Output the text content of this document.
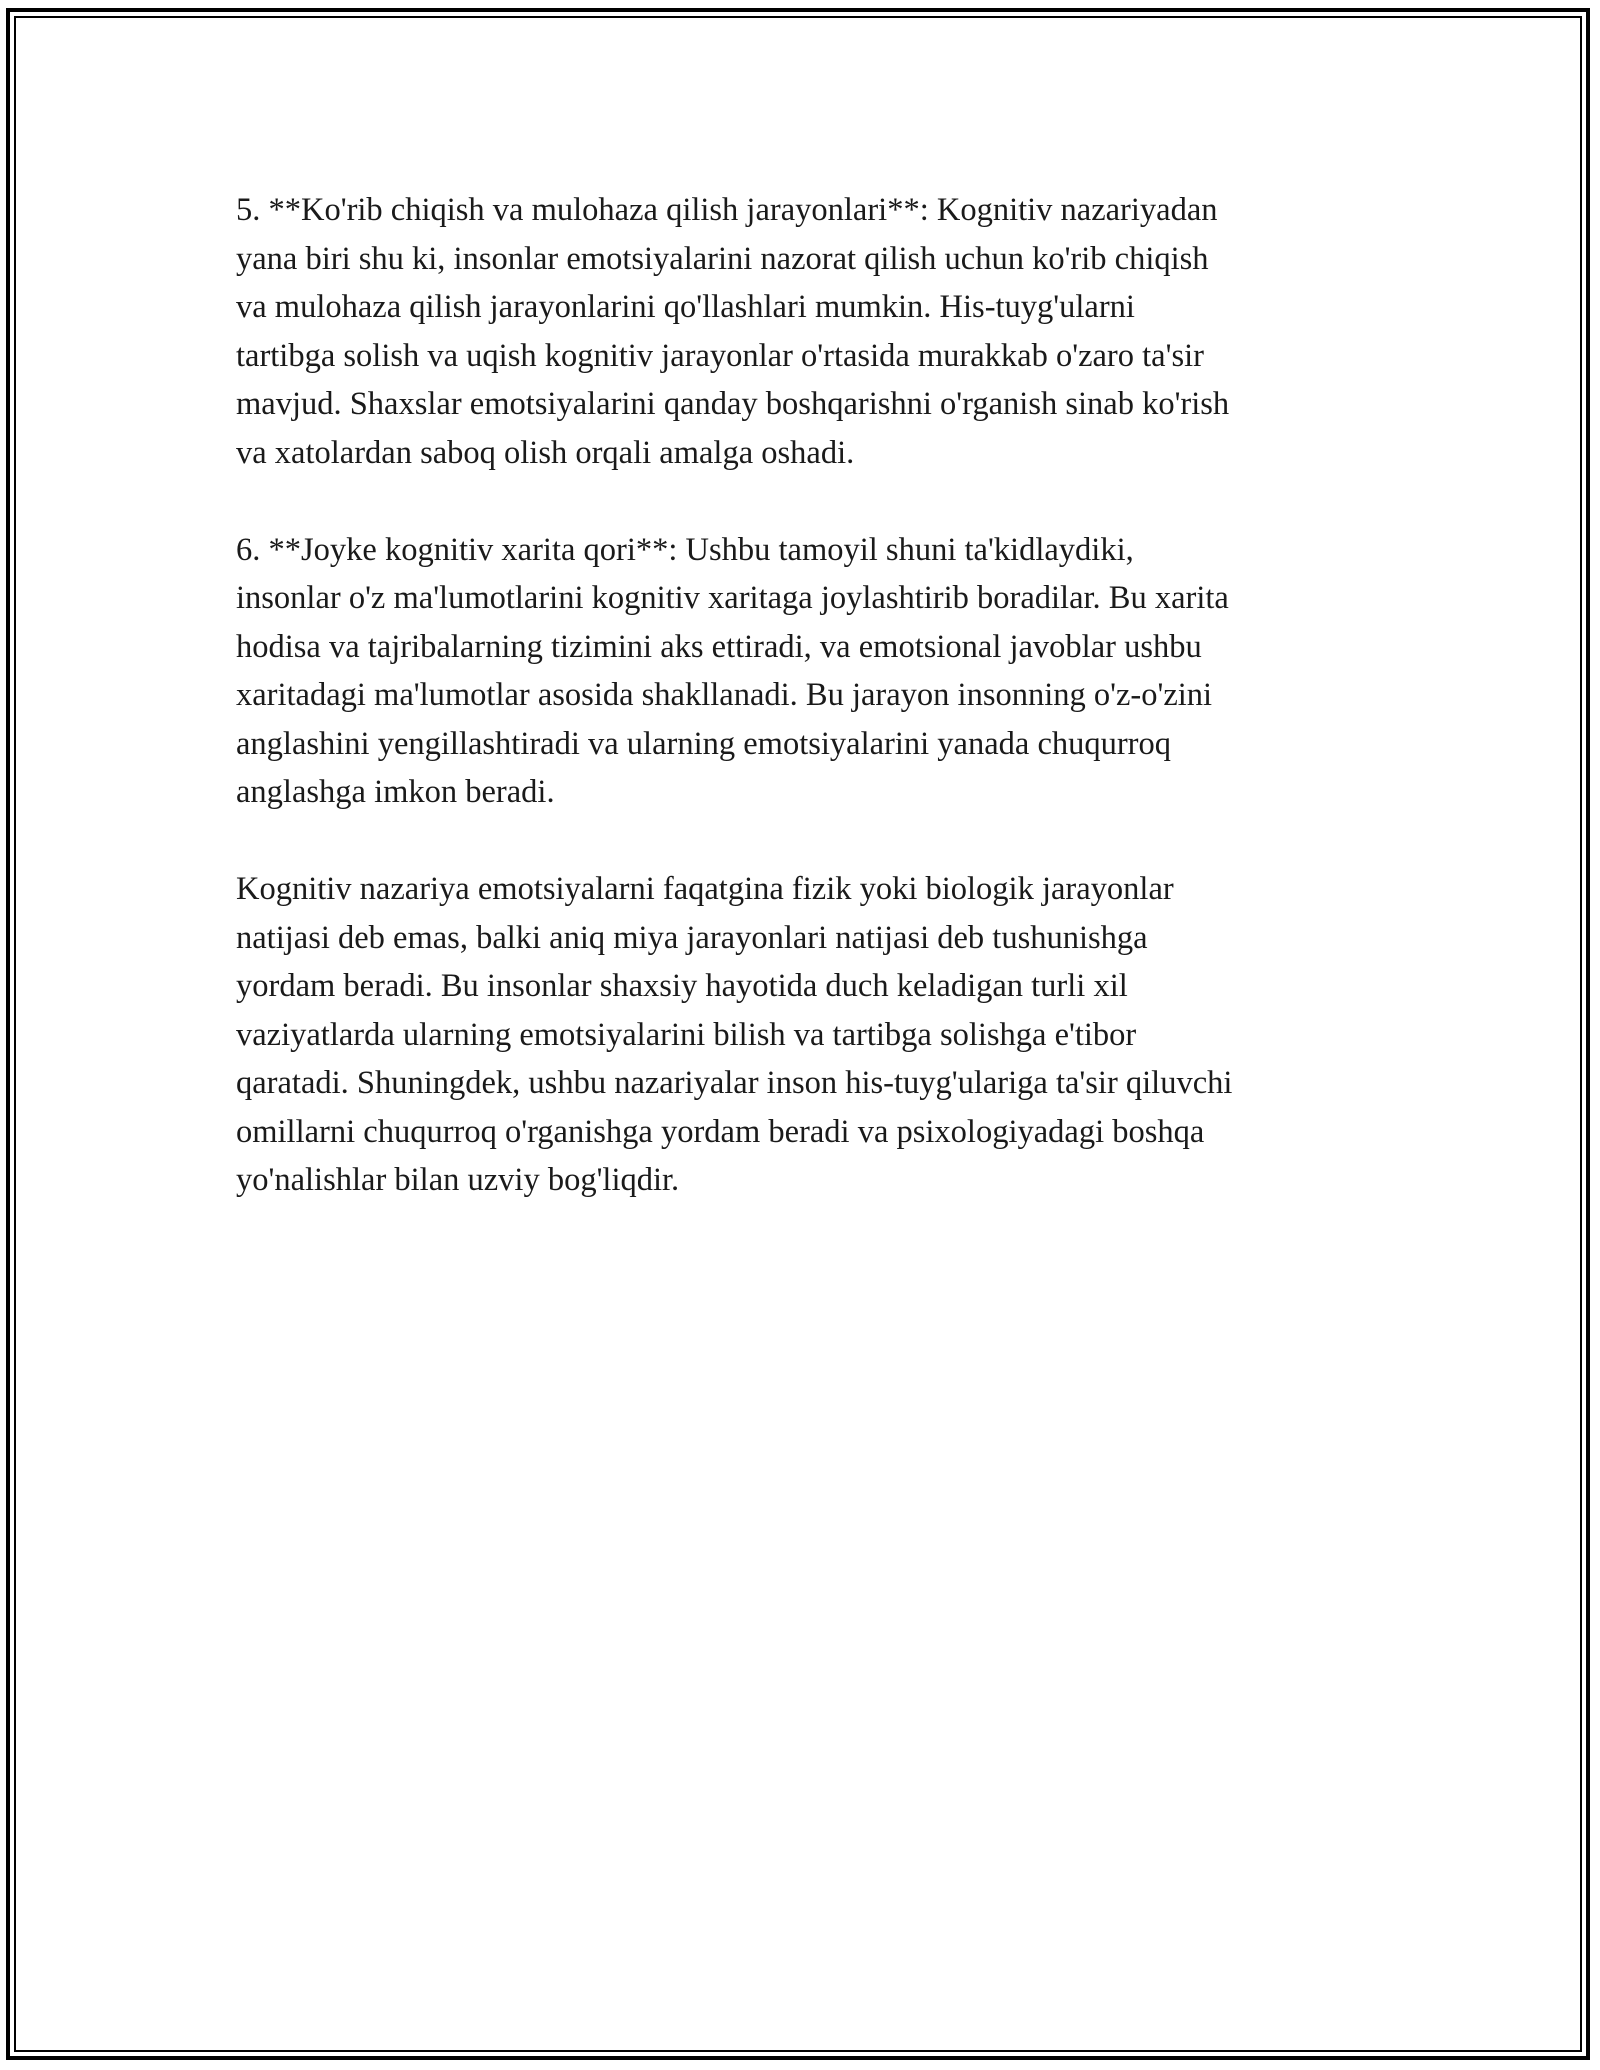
5. **Ko'rib chiqish va mulohaza qilish jarayonlari**: Kognitiv nazariyadan
yana biri shu ki, insonlar emotsiyalarini nazorat qilish uchun ko'rib chiqish
va mulohaza qilish jarayonlarini qo'llashlari mumkin. His-tuyg'ularni
tartibga solish va uqish kognitiv jarayonlar o'rtasida murakkab o'zaro ta'sir
mavjud. Shaxslar emotsiyalarini qanday boshqarishni o'rganish sinab ko'rish
va xatolardan saboq olish orqali amalga oshadi.

6. **Joyke kognitiv xarita qori**: Ushbu tamoyil shuni ta'kidlaydiki,
insonlar o'z ma'lumotlarini kognitiv xaritaga joylashtirib boradilar. Bu xarita
hodisa va tajribalarning tizimini aks ettiradi, va emotsional javoblar ushbu
xaritadagi ma'lumotlar asosida shakllanadi. Bu jarayon insonning o'z-o'zini
anglashini yengillashtiradi va ularning emotsiyalarini yanada chuqurroq
anglashga imkon beradi.

Kognitiv nazariya emotsiyalarni faqatgina fizik yoki biologik jarayonlar
natijasi deb emas, balki aniq miya jarayonlari natijasi deb tushunishga
yordam beradi. Bu insonlar shaxsiy hayotida duch keladigan turli xil
vaziyatlarda ularning emotsiyalarini bilish va tartibga solishga e'tibor
qaratadi. Shuningdek, ushbu nazariyalar inson his-tuyg'ulariga ta'sir qiluvchi
omillarni chuqurroq o'rganishga yordam beradi va psixologiyadagi boshqa
yo'nalishlar bilan uzviy bog'liqdir.
